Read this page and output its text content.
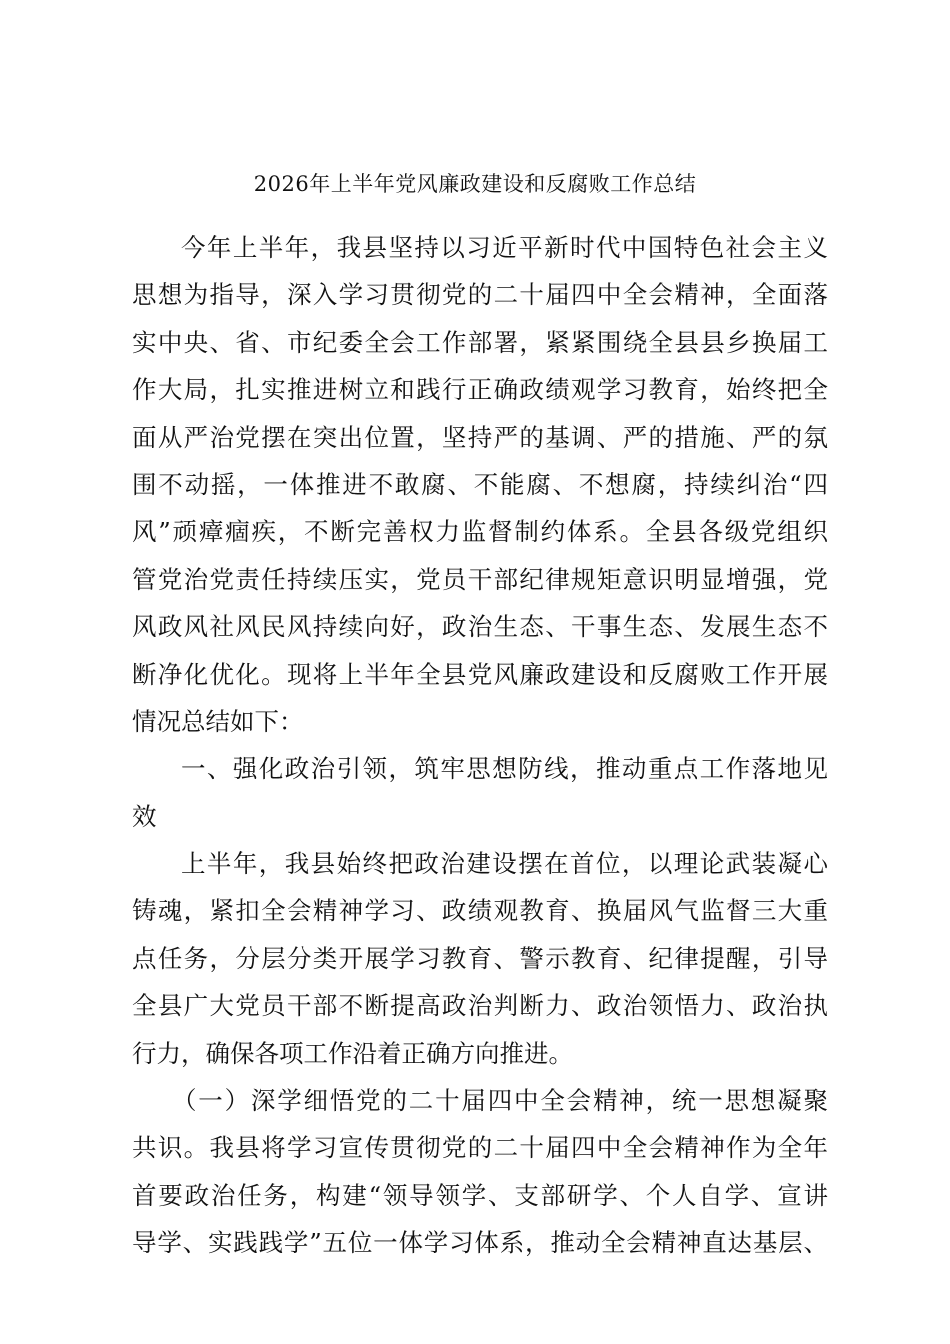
2026年上半年党风廉政建设和反腐败工作总结
今年上半年，我县坚持以习近平新时代中国特色社会主义
思想为指导，深入学习贯彻党的二十届四中全会精神，全面落
实中央、省、市纪委全会工作部署，紧紧围绕全县县乡换届工
作大局，扎实推进树立和践行正确政绩观学习教育，始终把全
面从严治党摆在突出位置，坚持严的基调、严的措施、严的氛
围不动摇，一体推进不敢腐、不能腐、不想腐，持续纠治“四
风”顽瘴痼疾，不断完善权力监督制约体系。全县各级党组织
管党治党责任持续压实，党员干部纪律规矩意识明显增强，党
风政风社风民风持续向好，政治生态、干事生态、发展生态不
断净化优化。现将上半年全县党风廉政建设和反腐败工作开展
情况总结如下：
一、强化政治引领，筑牢思想防线，推动重点工作落地见
效
上半年，我县始终把政治建设摆在首位，以理论武装凝心
铸魂，紧扣全会精神学习、政绩观教育、换届风气监督三大重
点任务，分层分类开展学习教育、警示教育、纪律提醒，引导
全县广大党员干部不断提高政治判断力、政治领悟力、政治执
行力，确保各项工作沿着正确方向推进。
（一）深学细悟党的二十届四中全会精神，统一思想凝聚
共识。我县将学习宣传贯彻党的二十届四中全会精神作为全年
首要政治任务，构建“领导领学、支部研学、个人自学、宣讲
导学、实践践学”五位一体学习体系，推动全会精神直达基层、
